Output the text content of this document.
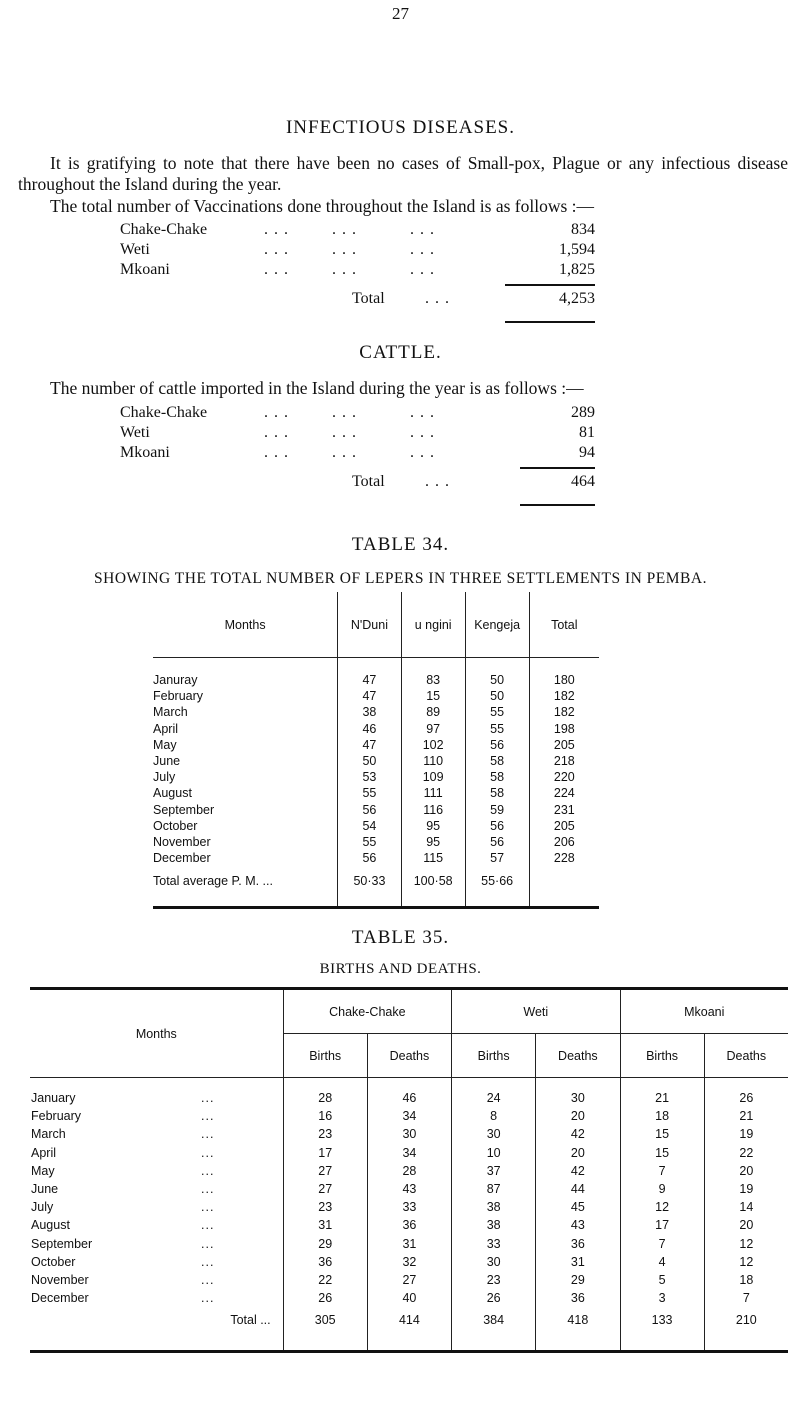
27
INFECTIOUS DISEASES.
It is gratifying to note that there have been no cases of Small-pox, Plague or any infectious disease throughout the Island during the year.
The total number of Vaccinations done throughout the Island is as follows :—
Chake-Chake	... ...	...	834
Weti	... ...	...	1,594
Mkoani	... ...	...	1,825
Total	...	4,253
CATTLE.
The number of cattle imported in the Island during the year is as follows :—
Chake-Chake	... ...	...	289
Weti	... ...	...	81
Mkoani	... ...	...	94
Total	...	464
TABLE 34.
SHOWING THE TOTAL NUMBER OF LEPERS IN THREE SETTLEMENTS IN PEMBA.
Months	N'Duni	u ngini	Kengeja	Total
Januray	47	83	50	180
February	47	15	50	182
March	38	89	55	182
April	46	97	55	198
May	47	102	56	205
June	50	110	58	218
July	53	109	58	220
August	55	111	58	224
September	56	116	59	231
October	54	95	56	205
November	55	95	56	206
December	56	115	57	228
Total average P. M. ...	50·33	100·58	55·66	
Months	Chake-Chake		Weti		Mkoani	
	Births	Deaths	Births	Deaths	Births	Deaths
January ...	28	46	24	30	21	26
February ...	16	34	8	20	18	21
March ...	23	30	30	42	15	19
April ...	17	34	10	20	15	22
May ...	27	28	37	42	7	20
June ...	27	43	87	44	9	19
July ...	23	33	38	45	12	14
August ...	31	36	38	43	17	20
September ...	29	31	33	36	7	12
October ...	36	32	30	31	4	12
November ...	22	27	23	29	5	18
December ...	26	40	26	36	3	7
Total ...	305	414	384	418	133	210
TABLE 35.
BIRTHS AND DEATHS.
